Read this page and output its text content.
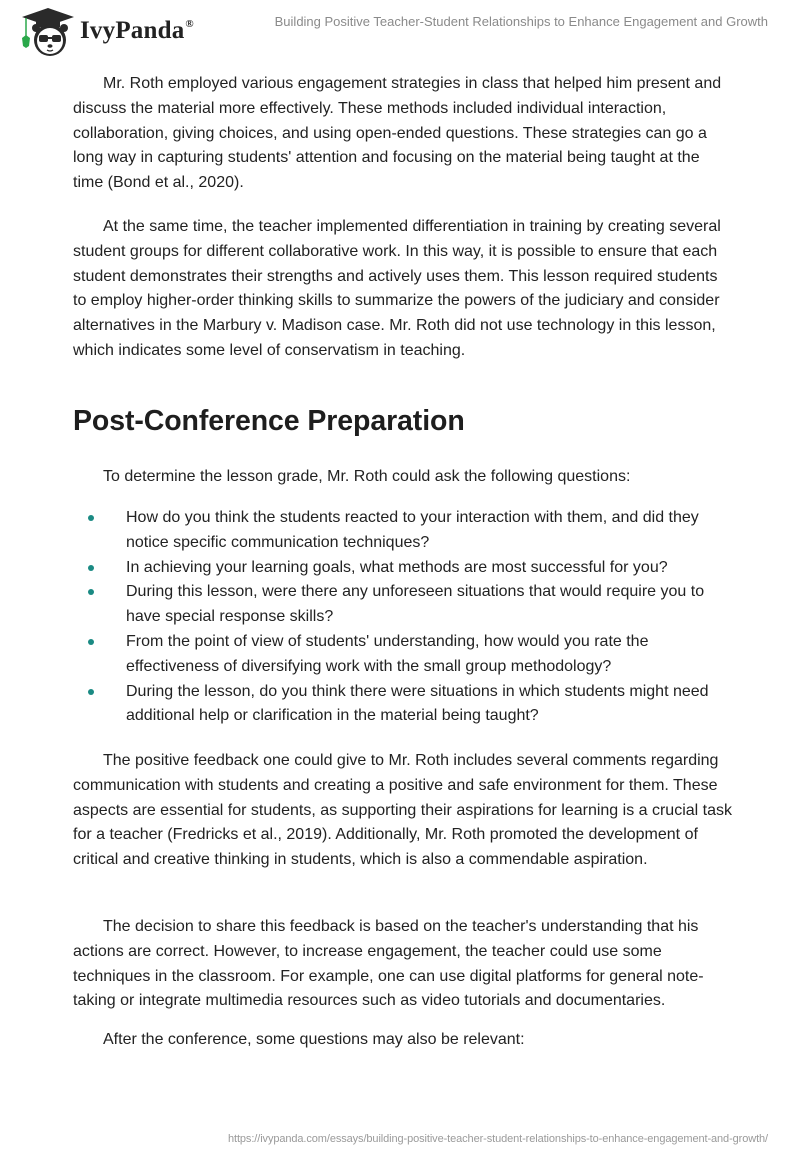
IvyPanda®	Building Positive Teacher-Student Relationships to Enhance Engagement and Growth

Mr. Roth employed various engagement strategies in class that helped him present and discuss the material more effectively. These methods included individual interaction, collaboration, giving choices, and using open-ended questions. These strategies can go a long way in capturing students' attention and focusing on the material being taught at the time (Bond et al., 2020).

At the same time, the teacher implemented differentiation in training by creating several student groups for different collaborative work. In this way, it is possible to ensure that each student demonstrates their strengths and actively uses them. This lesson required students to employ higher-order thinking skills to summarize the powers of the judiciary and consider alternatives in the Marbury v. Madison case. Mr. Roth did not use technology in this lesson, which indicates some level of conservatism in teaching.

Post-Conference Preparation

To determine the lesson grade, Mr. Roth could ask the following questions:

How do you think the students reacted to your interaction with them, and did they notice specific communication techniques?
In achieving your learning goals, what methods are most successful for you?
During this lesson, were there any unforeseen situations that would require you to have special response skills?
From the point of view of students' understanding, how would you rate the effectiveness of diversifying work with the small group methodology?
During the lesson, do you think there were situations in which students might need additional help or clarification in the material being taught?

The positive feedback one could give to Mr. Roth includes several comments regarding communication with students and creating a positive and safe environment for them. These aspects are essential for students, as supporting their aspirations for learning is a crucial task for a teacher (Fredricks et al., 2019). Additionally, Mr. Roth promoted the development of critical and creative thinking in students, which is also a commendable aspiration.

The decision to share this feedback is based on the teacher's understanding that his actions are correct. However, to increase engagement, the teacher could use some techniques in the classroom. For example, one can use digital platforms for general note-taking or integrate multimedia resources such as video tutorials and documentaries.

After the conference, some questions may also be relevant:

https://ivypanda.com/essays/building-positive-teacher-student-relationships-to-enhance-engagement-and-growth/
